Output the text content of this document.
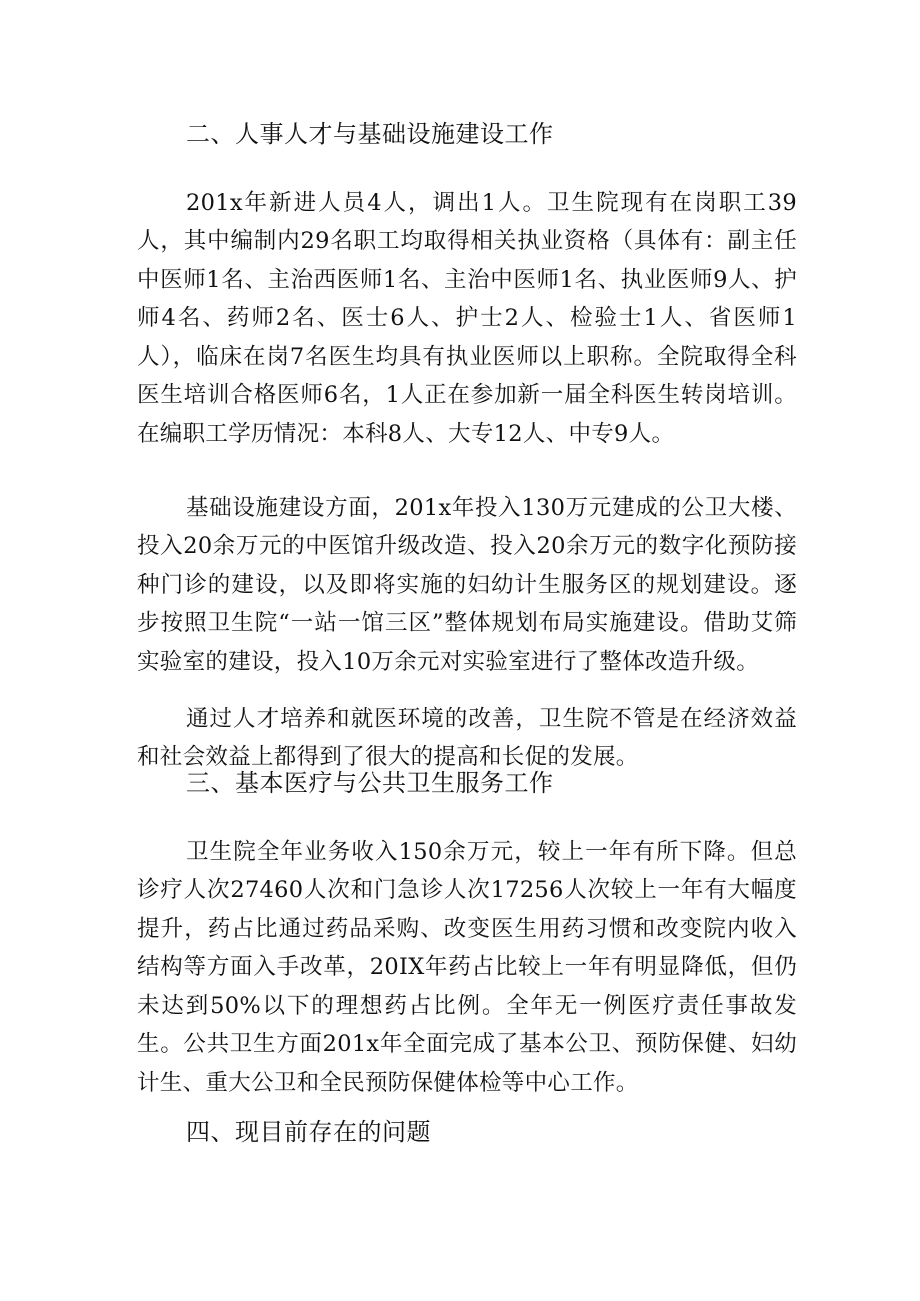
二、人事人才与基础设施建设工作

201x年新进人员4人，调出1人。卫生院现有在岗职工39人，其中编制内29名职工均取得相关执业资格（具体有：副主任中医师1名、主治西医师1名、主治中医师1名、执业医师9人、护师4名、药师2名、医士6人、护士2人、检验士1人、省医师1人），临床在岗7名医生均具有执业医师以上职称。全院取得全科医生培训合格医师6名，1人正在参加新一届全科医生转岗培训。在编职工学历情况：本科8人、大专12人、中专9人。

基础设施建设方面，201x年投入130万元建成的公卫大楼、投入20余万元的中医馆升级改造、投入20余万元的数字化预防接种门诊的建设，以及即将实施的妇幼计生服务区的规划建设。逐步按照卫生院“一站一馆三区”整体规划布局实施建设。借助艾筛实验室的建设，投入10万余元对实验室进行了整体改造升级。

通过人才培养和就医环境的改善，卫生院不管是在经济效益和社会效益上都得到了很大的提高和长促的发展。

三、基本医疗与公共卫生服务工作

卫生院全年业务收入150余万元，较上一年有所下降。但总诊疗人次27460人次和门急诊人次17256人次较上一年有大幅度提升，药占比通过药品采购、改变医生用药习惯和改变院内收入结构等方面入手改革，20IX年药占比较上一年有明显降低，但仍未达到50%以下的理想药占比例。全年无一例医疗责任事故发生。公共卫生方面201x年全面完成了基本公卫、预防保健、妇幼计生、重大公卫和全民预防保健体检等中心工作。

四、现目前存在的问题
